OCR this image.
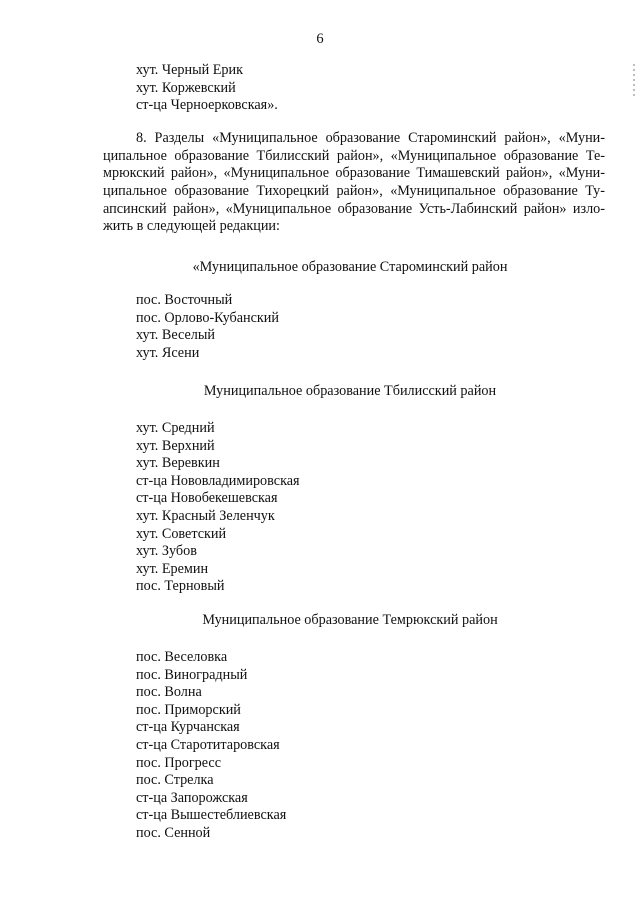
6
хут. Черный Ерик
хут. Коржевский
ст-ца Черноерковская».
8. Разделы «Муниципальное образование Староминский район», «Муни-
ципальное образование Тбилисский район», «Муниципальное образование Те-
мрюкский район», «Муниципальное образование Тимашевский район», «Муни-
ципальное образование Тихорецкий район», «Муниципальное образование Ту-
апсинский район», «Муниципальное образование Усть-Лабинский район» изло-
жить в следующей редакции:
«Муниципальное образование Староминский район
пос. Восточный
пос. Орлово-Кубанский
хут. Веселый
хут. Ясени
Муниципальное образование Тбилисский район
хут. Средний
хут. Верхний
хут. Веревкин
ст-ца Нововладимировская
ст-ца Новобекешевская
хут. Красный Зеленчук
хут. Советский
хут. Зубов
хут. Еремин
пос. Терновый
Муниципальное образование Темрюкский район
пос. Веселовка
пос. Виноградный
пос. Волна
пос. Приморский
ст-ца Курчанская
ст-ца Старотитаровская
пос. Прогресс
пос. Стрелка
ст-ца Запорожская
ст-ца Вышестеблиевская
пос. Сенной
